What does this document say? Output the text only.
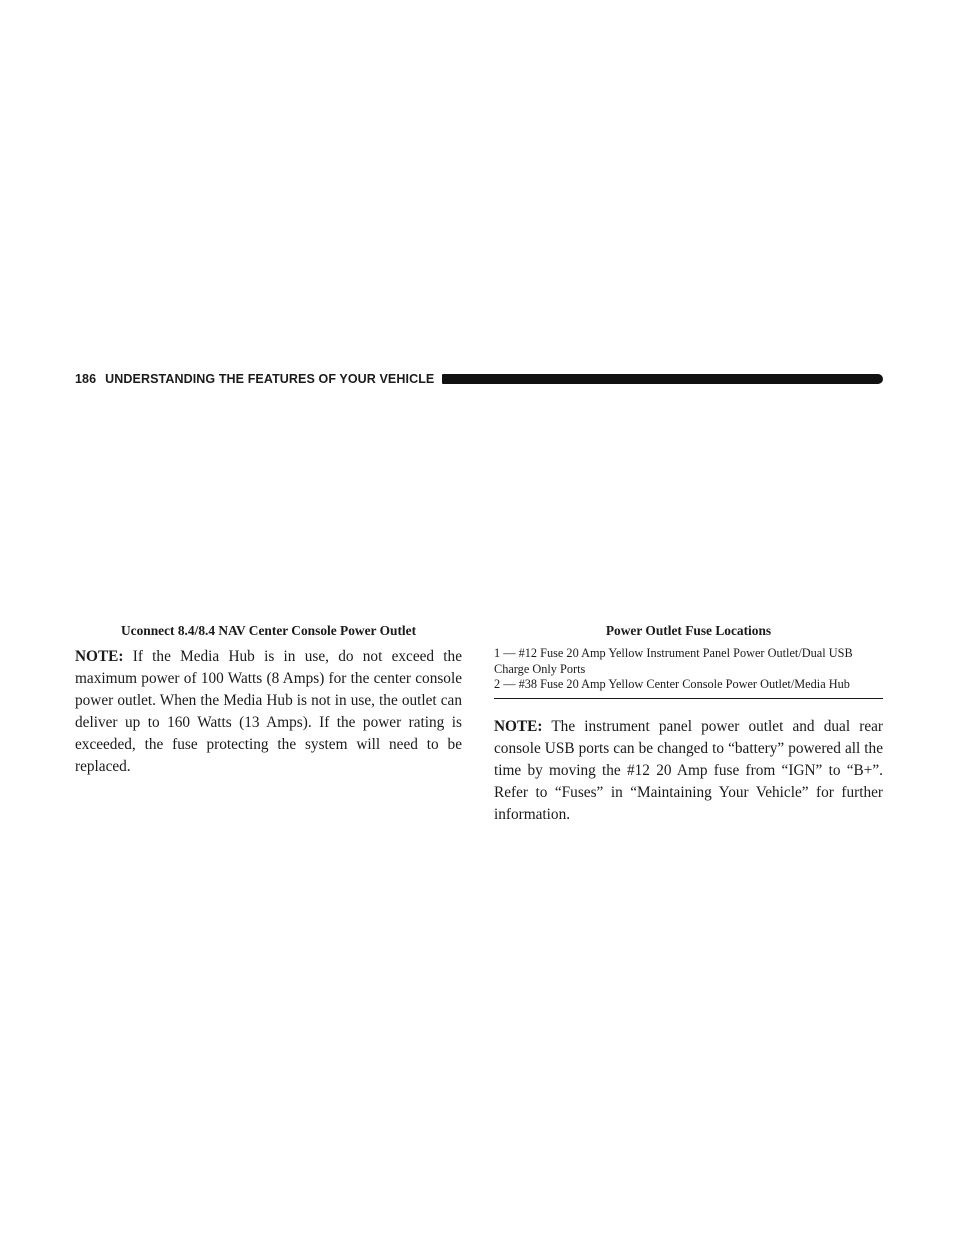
186 UNDERSTANDING THE FEATURES OF YOUR VEHICLE
Uconnect 8.4/8.4 NAV Center Console Power Outlet

NOTE: If the Media Hub is in use, do not exceed the maximum power of 100 Watts (8 Amps) for the center console power outlet. When the Media Hub is not in use, the outlet can deliver up to 160 Watts (13 Amps). If the power rating is exceeded, the fuse protecting the system will need to be replaced.

Power Outlet Fuse Locations

1 — #12 Fuse 20 Amp Yellow Instrument Panel Power Outlet/Dual USB Charge Only Ports

2 — #38 Fuse 20 Amp Yellow Center Console Power Outlet/Media Hub

NOTE: The instrument panel power outlet and dual rear console USB ports can be changed to “battery” powered all the time by moving the #12 20 Amp fuse from “IGN” to “B+”. Refer to “Fuses” in “Maintaining Your Vehicle” for further information.
